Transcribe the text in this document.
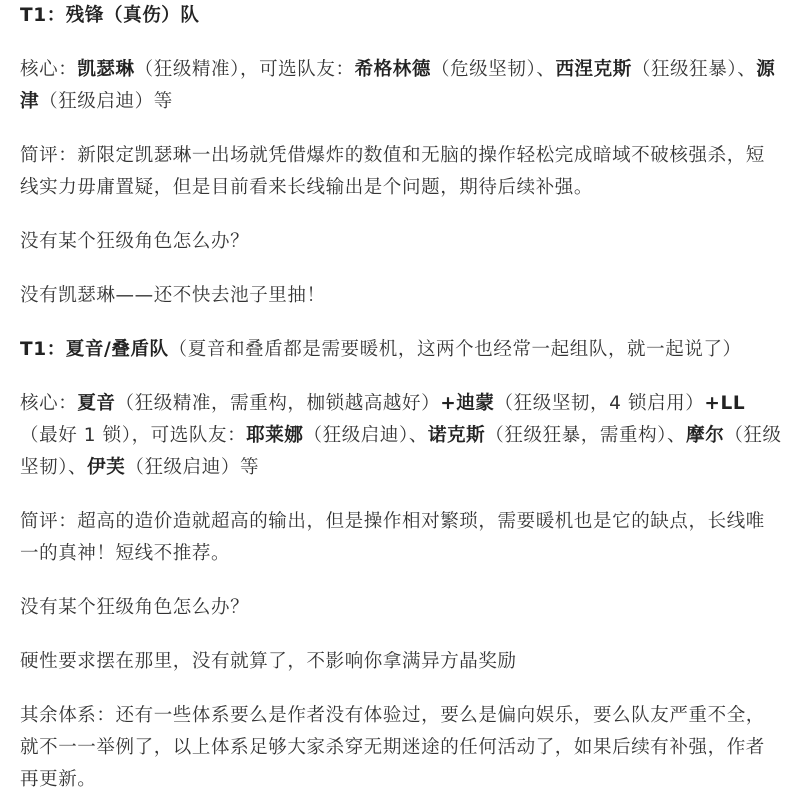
T1：残锋（真伤）队

核心：凯瑟琳（狂级精准），可选队友：希格林德（危级坚韧）、西涅克斯（狂级狂暴）、源津（狂级启迪）等

简评：新限定凯瑟琳一出场就凭借爆炸的数值和无脑的操作轻松完成暗域不破核强杀，短线实力毋庸置疑，但是目前看来长线输出是个问题，期待后续补强。

没有某个狂级角色怎么办？

没有凯瑟琳——还不快去池子里抽！

T1：夏音/叠盾队（夏音和叠盾都是需要暖机，这两个也经常一起组队，就一起说了）

核心：夏音（狂级精准，需重构，枷锁越高越好）+迪蒙（狂级坚韧，4 锁启用）+LL（最好 1 锁），可选队友：耶莱娜（狂级启迪）、诺克斯（狂级狂暴，需重构）、摩尔（狂级坚韧）、伊芙（狂级启迪）等

简评：超高的造价造就超高的输出，但是操作相对繁琐，需要暖机也是它的缺点，长线唯一的真神！短线不推荐。

没有某个狂级角色怎么办？

硬性要求摆在那里，没有就算了，不影响你拿满异方晶奖励

其余体系：还有一些体系要么是作者没有体验过，要么是偏向娱乐，要么队友严重不全，就不一一举例了，以上体系足够大家杀穿无期迷途的任何活动了，如果后续有补强，作者再更新。
